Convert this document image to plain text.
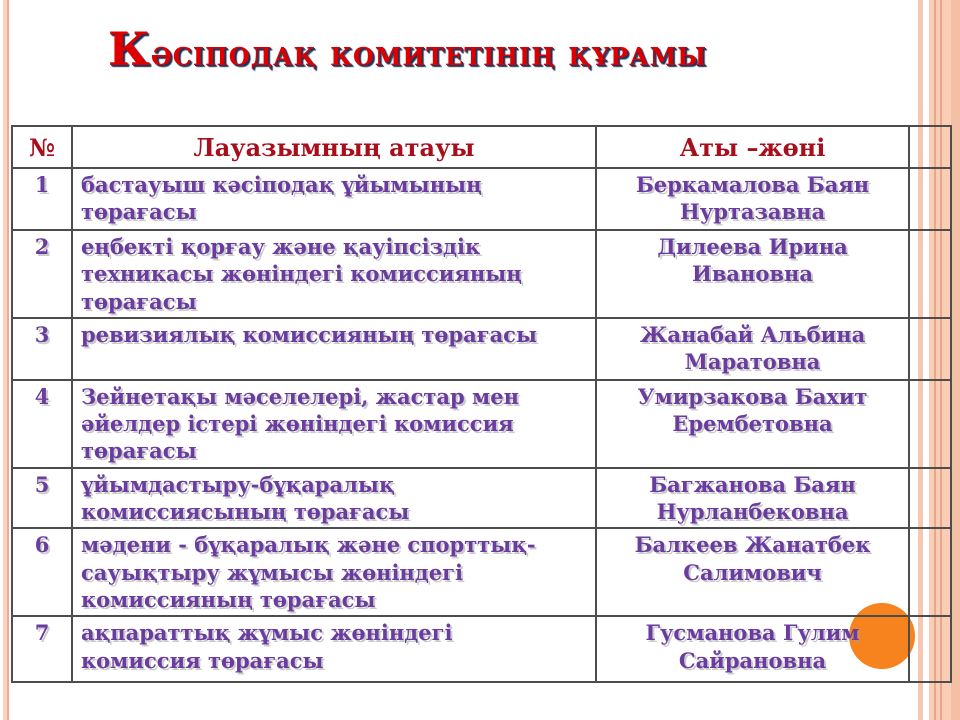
Кәсіподақ комитетінің құрамы
№	Лауазымның атауы	Аты –жөні	
1	бастауыш кәсіподақ ұйымының төрағасы	Беркамалова Баян Нуртазавна	
2	еңбекті қорғау және қауіпсіздік техникасы жөніндегі комиссияның төрағасы	Дилеева Ирина Ивановна	
3	ревизиялық комиссияның төрағасы	Жанабай Альбина Маратовна	
4	Зейнетақы мәселелері, жастар мен әйелдер істері жөніндегі комиссия төрағасы	Умирзакова Бахит Ерембетовна	
5	ұйымдастыру-бұқаралық комиссиясының төрағасы	Багжанова Баян Нурланбековна	
6	мәдени - бұқаралық және спорттық-сауықтыру жұмысы жөніндегі комиссияның төрағасы	Балкеев Жанатбек Салимович	
7	ақпараттық жұмыс жөніндегі комиссия төрағасы	Гусманова Гулим Сайрановна	
